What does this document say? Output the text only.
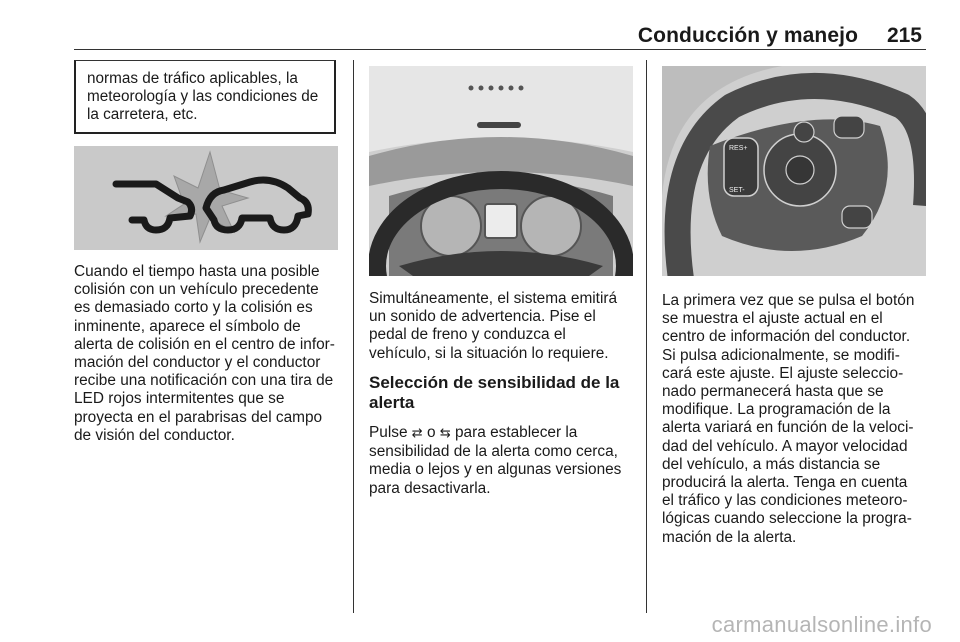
Conducción y manejo 215
normas de tráfico aplicables, la
meteorología y las condiciones de
la carretera, etc.
Cuando el tiempo hasta una posible
colisión con un vehículo precedente
es demasiado corto y la colisión es
inminente, aparece el símbolo de
alerta de colisión en el centro de infor-
mación del conductor y el conductor
recibe una notificación con una tira de
LED rojos intermitentes que se
proyecta en el parabrisas del campo
de visión del conductor.
Simultáneamente, el sistema emitirá
un sonido de advertencia. Pise el
pedal de freno y conduzca el
vehículo, si la situación lo requiere.
Selección de sensibilidad de la
alerta
Pulse ⇄ o ⇆ para establecer la
sensibilidad de la alerta como cerca,
media o lejos y en algunas versiones
para desactivarla.
RES+
SET-
La primera vez que se pulsa el botón
se muestra el ajuste actual en el
centro de información del conductor.
Si pulsa adicionalmente, se modifi-
cará este ajuste. El ajuste seleccio-
nado permanecerá hasta que se
modifique. La programación de la
alerta variará en función de la veloci-
dad del vehículo. A mayor velocidad
del vehículo, a más distancia se
producirá la alerta. Tenga en cuenta
el tráfico y las condiciones meteoro-
lógicas cuando seleccione la progra-
mación de la alerta.
carmanualsonline.info
